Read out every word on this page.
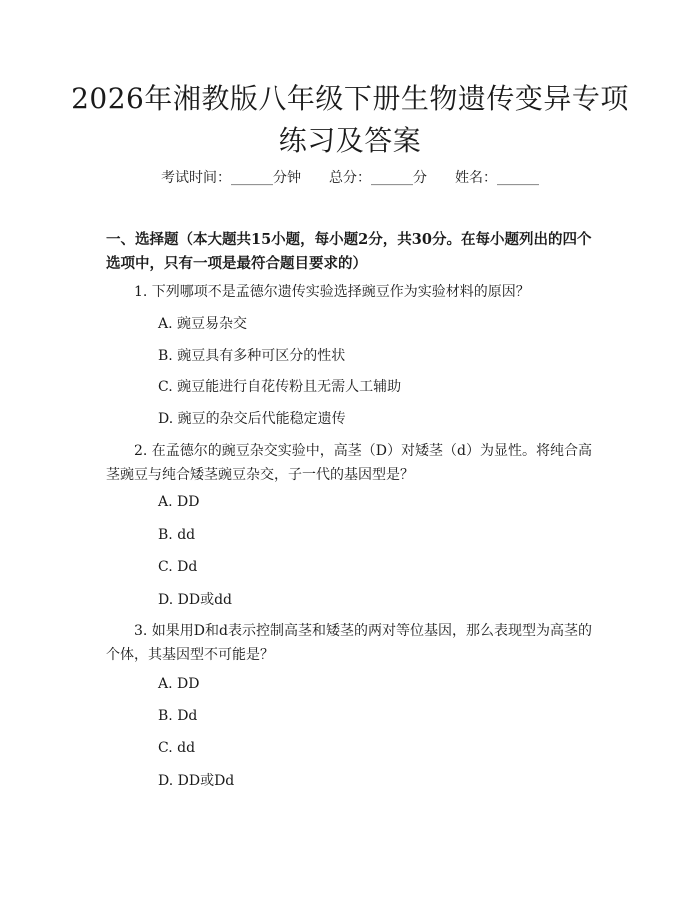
2026年湘教版八年级下册生物遗传变异专项
练习及答案
考试时间：______分钟 总分：______分 姓名：______

一、选择题（本大题共15小题，每小题2分，共30分。在每小题列出的四个选项中，只有一项是最符合题目要求的）

1. 下列哪项不是孟德尔遗传实验选择豌豆作为实验材料的原因？

A. 豌豆易杂交

B. 豌豆具有多种可区分的性状

C. 豌豆能进行自花传粉且无需人工辅助

D. 豌豆的杂交后代能稳定遗传

2. 在孟德尔的豌豆杂交实验中，高茎（D）对矮茎（d）为显性。将纯合高茎豌豆与纯合矮茎豌豆杂交，子一代的基因型是？

A. DD

B. dd

C. Dd

D. DD或dd

3. 如果用D和d表示控制高茎和矮茎的两对等位基因，那么表现型为高茎的个体，其基因型不可能是？

A. DD

B. Dd

C. dd

D. DD或Dd
